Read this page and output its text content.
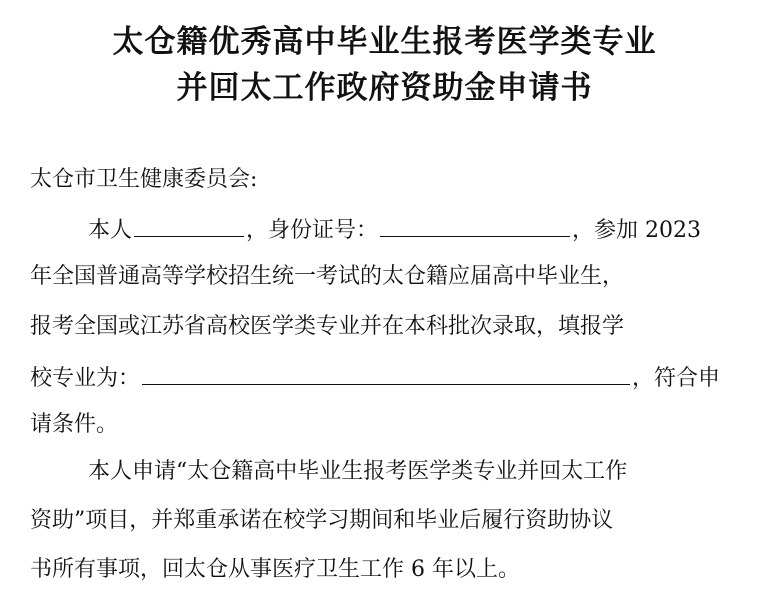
太仓籍优秀高中毕业生报考医学类专业
并回太工作政府资助金申请书
太仓市卫生健康委员会:
本人	，身份证号：	，参加 2023
年全国普通高等学校招生统一考试的太仓籍应届高中毕业生，
报考全国或江苏省高校医学类专业并在本科批次录取，填报学
校专业为：	，符合申
请条件。
本人申请“太仓籍高中毕业生报考医学类专业并回太工作
资助”项目，并郑重承诺在校学习期间和毕业后履行资助协议
书所有事项，回太仓从事医疗卫生工作 6 年以上。
